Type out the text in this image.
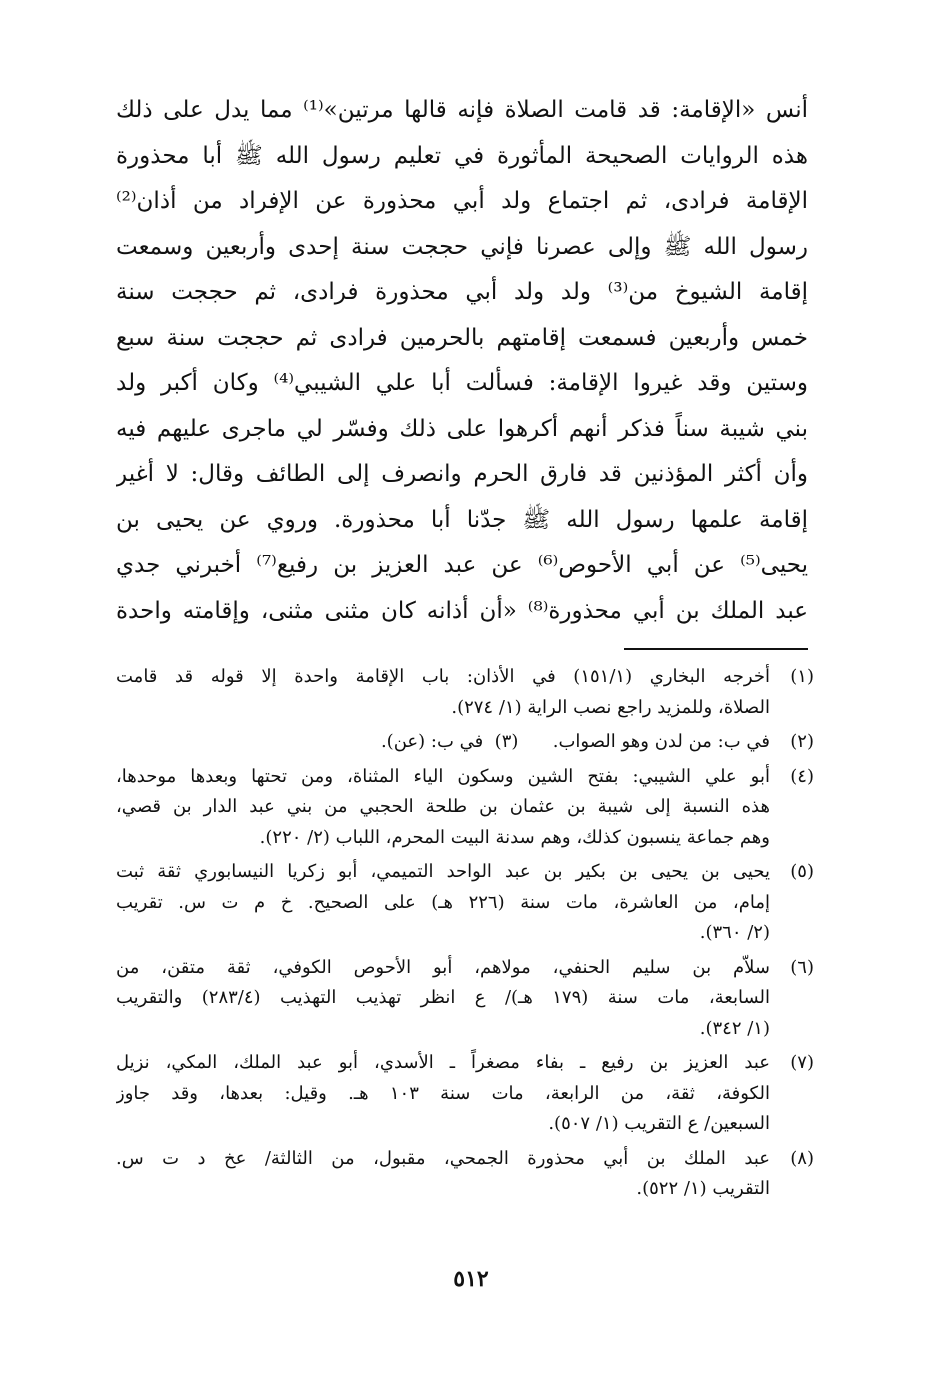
أنس «الإقامة: قد قامت الصلاة فإنه قالها مرتين»⁽¹⁾ مما يدل على ذلك
هذه الروايات الصحيحة المأثورة في تعليم رسول الله ﷺ أبا محذورة
الإقامة فرادى، ثم اجتماع ولد أبي محذورة عن الإفراد من أذان⁽²⁾
رسول الله ﷺ وإلى عصرنا فإني حججت سنة إحدى وأربعين وسمعت
إقامة الشيوخ من⁽³⁾ ولد ولد أبي محذورة فرادى، ثم حججت سنة
خمس وأربعين فسمعت إقامتهم بالحرمين فرادى ثم حججت سنة سبع
وستين وقد غيروا الإقامة: فسألت أبا علي الشيبي⁽⁴⁾ وكان أكبر ولد
بني شيبة سناً فذكر أنهم أكرهوا على ذلك وفسّر لي ماجرى عليهم فيه
وأن أكثر المؤذنين قد فارق الحرم وانصرف إلى الطائف وقال: لا أغير
إقامة علمها رسول الله ﷺ جدّنا أبا محذورة. وروي عن يحيى بن
يحيى⁽⁵⁾ عن أبي الأحوص⁽⁶⁾ عن عبد العزيز بن رفيع⁽⁷⁾ أخبرني جدي
عبد الملك بن أبي محذورة⁽⁸⁾ «أن أذانه كان مثنى مثنى، وإقامته واحدة
(١)
أخرجه البخاري (١٥١/١) في الأذان: باب الإقامة واحدة إلا قوله قد قامت
الصلاة، وللمزيد راجع نصب الراية (١/ ٢٧٤).
(٢)
في ب: من لدن وهو الصواب.      (٣)  في ب: (عن).
(٤)
أبو علي الشيبي: بفتح الشين وسكون الياء المثناة، ومن تحتها وبعدها موحدها،
هذه النسبة إلى شيبة بن عثمان بن طلحة الحجبي من بني عبد الدار بن قصي،
وهم جماعة ينسبون كذلك، وهم سدنة البيت المحرم، اللباب (٢/ ٢٢٠).
(٥)
يحيى بن يحيى بن بكير بن عبد الواحد التميمي، أبو زكريا النيسابوري ثقة ثبت
إمام، من العاشرة، مات سنة (٢٢٦ هـ) على الصحيح. خ م ت س. تقريب
(٢/ ٣٦٠).
(٦)
سلاّم بن سليم الحنفي، مولاهم، أبو الأحوص الكوفي، ثقة متقن، من
السابعة، مات سنة (١٧٩ هـ)/ ع انظر تهذيب التهذيب (٢٨٣/٤) والتقريب
(١/ ٣٤٢).
(٧)
عبد العزيز بن رفيع ـ بفاء مصغراً ـ الأسدي، أبو عبد الملك، المكي، نزيل
الكوفة، ثقة، من الرابعة، مات سنة ١٠٣ هـ. وقيل: بعدها، وقد جاوز
السبعين/ ع التقريب (١/ ٥٠٧).
(٨)
عبد الملك بن أبي محذورة الجمحي، مقبول، من الثالثة/ عخ د ت س.
التقريب (١/ ٥٢٢).
٥١٢
